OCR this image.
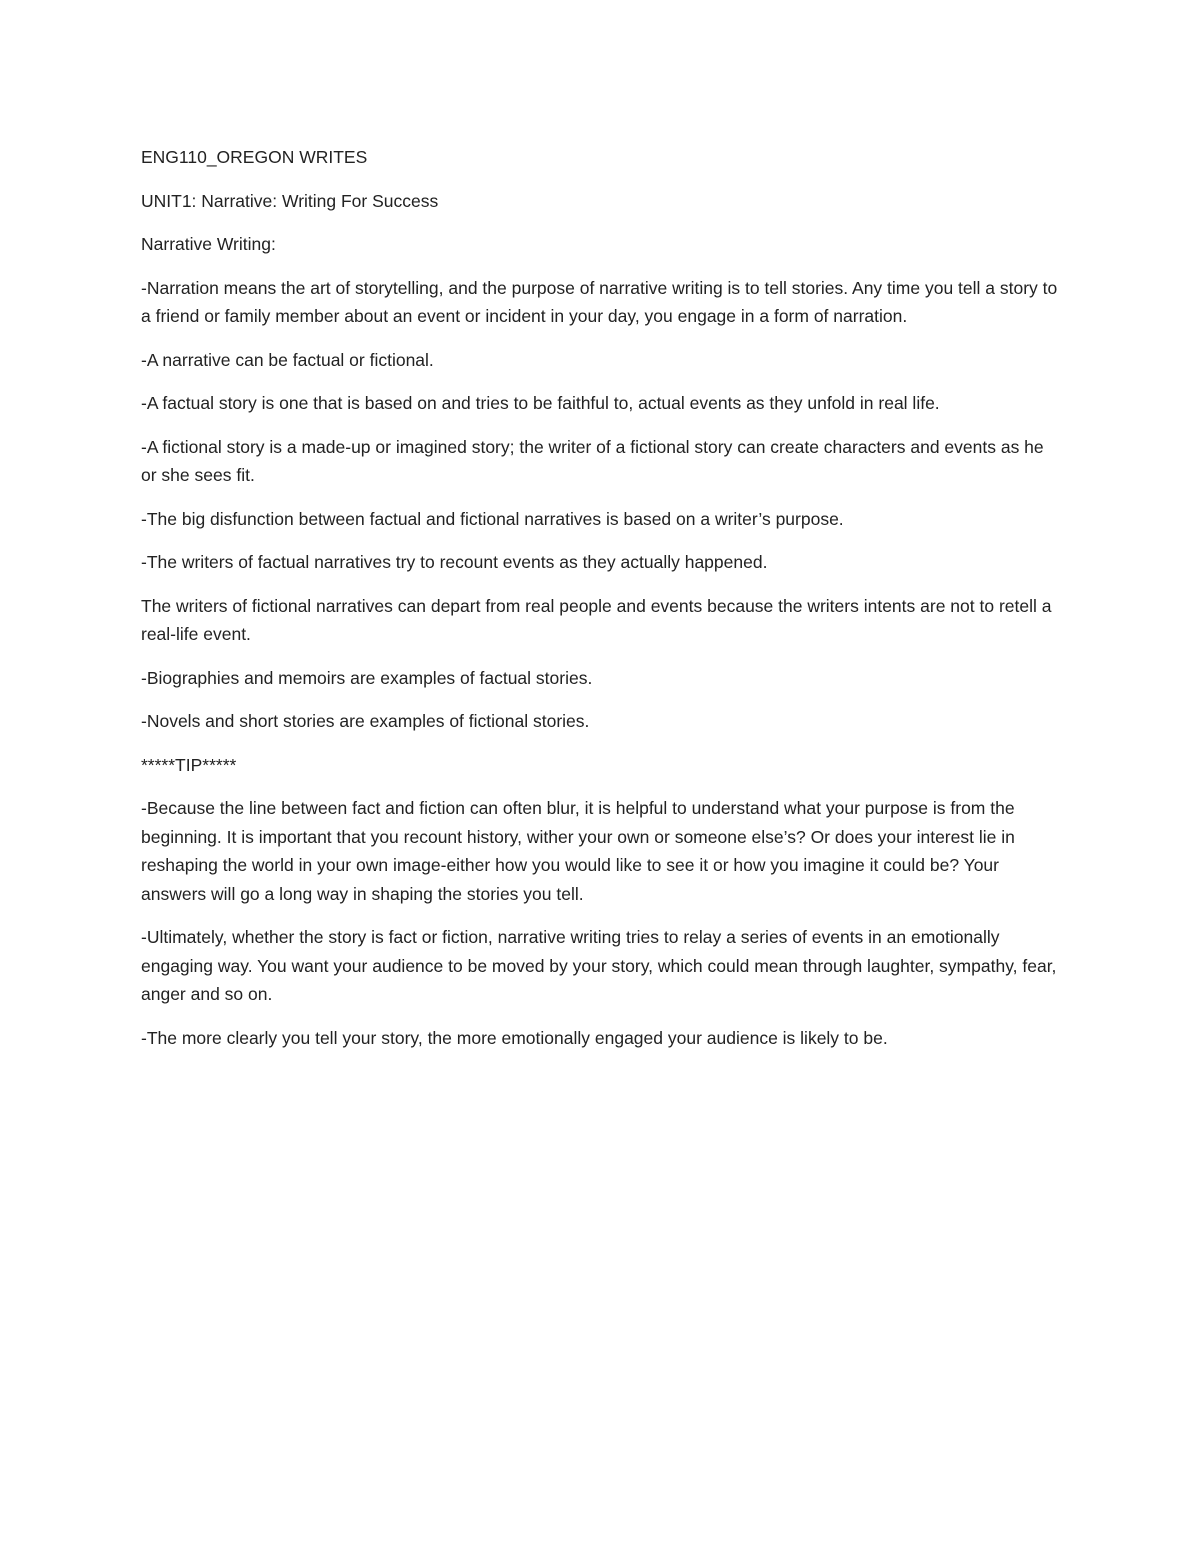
ENG110_OREGON WRITES

UNIT1: Narrative: Writing For Success

Narrative Writing:

-Narration means the art of storytelling, and the purpose of narrative writing is to tell stories. Any time you tell a story to a friend or family member about an event or incident in your day, you engage in a form of narration.

-A narrative can be factual or fictional.

-A factual story is one that is based on and tries to be faithful to, actual events as they unfold in real life.

-A fictional story is a made-up or imagined story; the writer of a fictional story can create characters and events as he or she sees fit.

-The big disfunction between factual and fictional narratives is based on a writer’s purpose.

-The writers of factual narratives try to recount events as they actually happened.

The writers of fictional narratives can depart from real people and events because the writers intents are not to retell a real-life event.

-Biographies and memoirs are examples of factual stories.

-Novels and short stories are examples of fictional stories.

*****TIP*****

-Because the line between fact and fiction can often blur, it is helpful to understand what your purpose is from the beginning. It is important that you recount history, wither your own or someone else’s? Or does your interest lie in reshaping the world in your own image-either how you would like to see it or how you imagine it could be? Your answers will go a long way in shaping the stories you tell.

-Ultimately, whether the story is fact or fiction, narrative writing tries to relay a series of events in an emotionally engaging way. You want your audience to be moved by your story, which could mean through laughter, sympathy, fear, anger and so on.

-The more clearly you tell your story, the more emotionally engaged your audience is likely to be.
